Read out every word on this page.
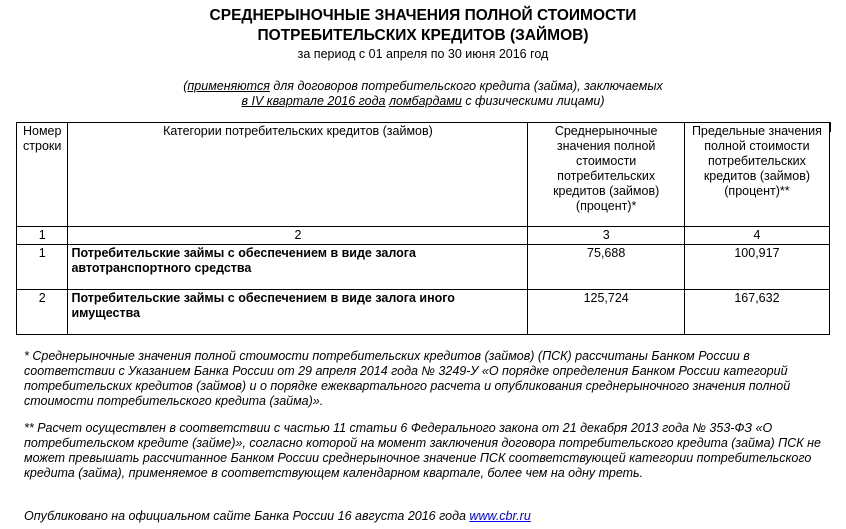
СРЕДНЕРЫНОЧНЫЕ ЗНАЧЕНИЯ ПОЛНОЙ СТОИМОСТИ
ПОТРЕБИТЕЛЬСКИХ КРЕДИТОВ (ЗАЙМОВ)
за период с 01 апреля по 30 июня 2016 год
(применяются для договоров потребительского кредита (займа), заключаемых
в IV квартале 2016 года ломбардами с физическими лицами)
Номер строки	Категории потребительских кредитов (займов)	Среднерыночные значения полной стоимости потребительских кредитов (займов) (процент)*	Предельные значения полной стоимости потребительских кредитов (займов) (процент)**
1	2	3	4
1	Потребительские займы с обеспечением в виде залога автотранспортного средства	75,688	100,917
2	Потребительские займы с обеспечением в виде залога иного имущества	125,724	167,632
* Среднерыночные значения полной стоимости потребительских кредитов (займов) (ПСК) рассчитаны Банком России в соответствии с Указанием Банка России от 29 апреля 2014 года № 3249-У «О порядке определения Банком России категорий потребительских кредитов (займов) и о порядке ежеквартального расчета и опубликования среднерыночного значения полной стоимости потребительского кредита (займа)».
** Расчет осуществлен в соответствии с частью 11 статьи 6 Федерального закона от 21 декабря 2013 года № 353-ФЗ «О потребительском кредите (займе)», согласно которой на момент заключения договора потребительского кредита (займа) ПСК не может превышать рассчитанное Банком России среднерыночное значение ПСК соответствующей категории потребительского кредита (займа), применяемое в соответствующем календарном квартале, более чем на одну треть.
Опубликовано на официальном сайте Банка России 16 августа 2016 года www.cbr.ru
